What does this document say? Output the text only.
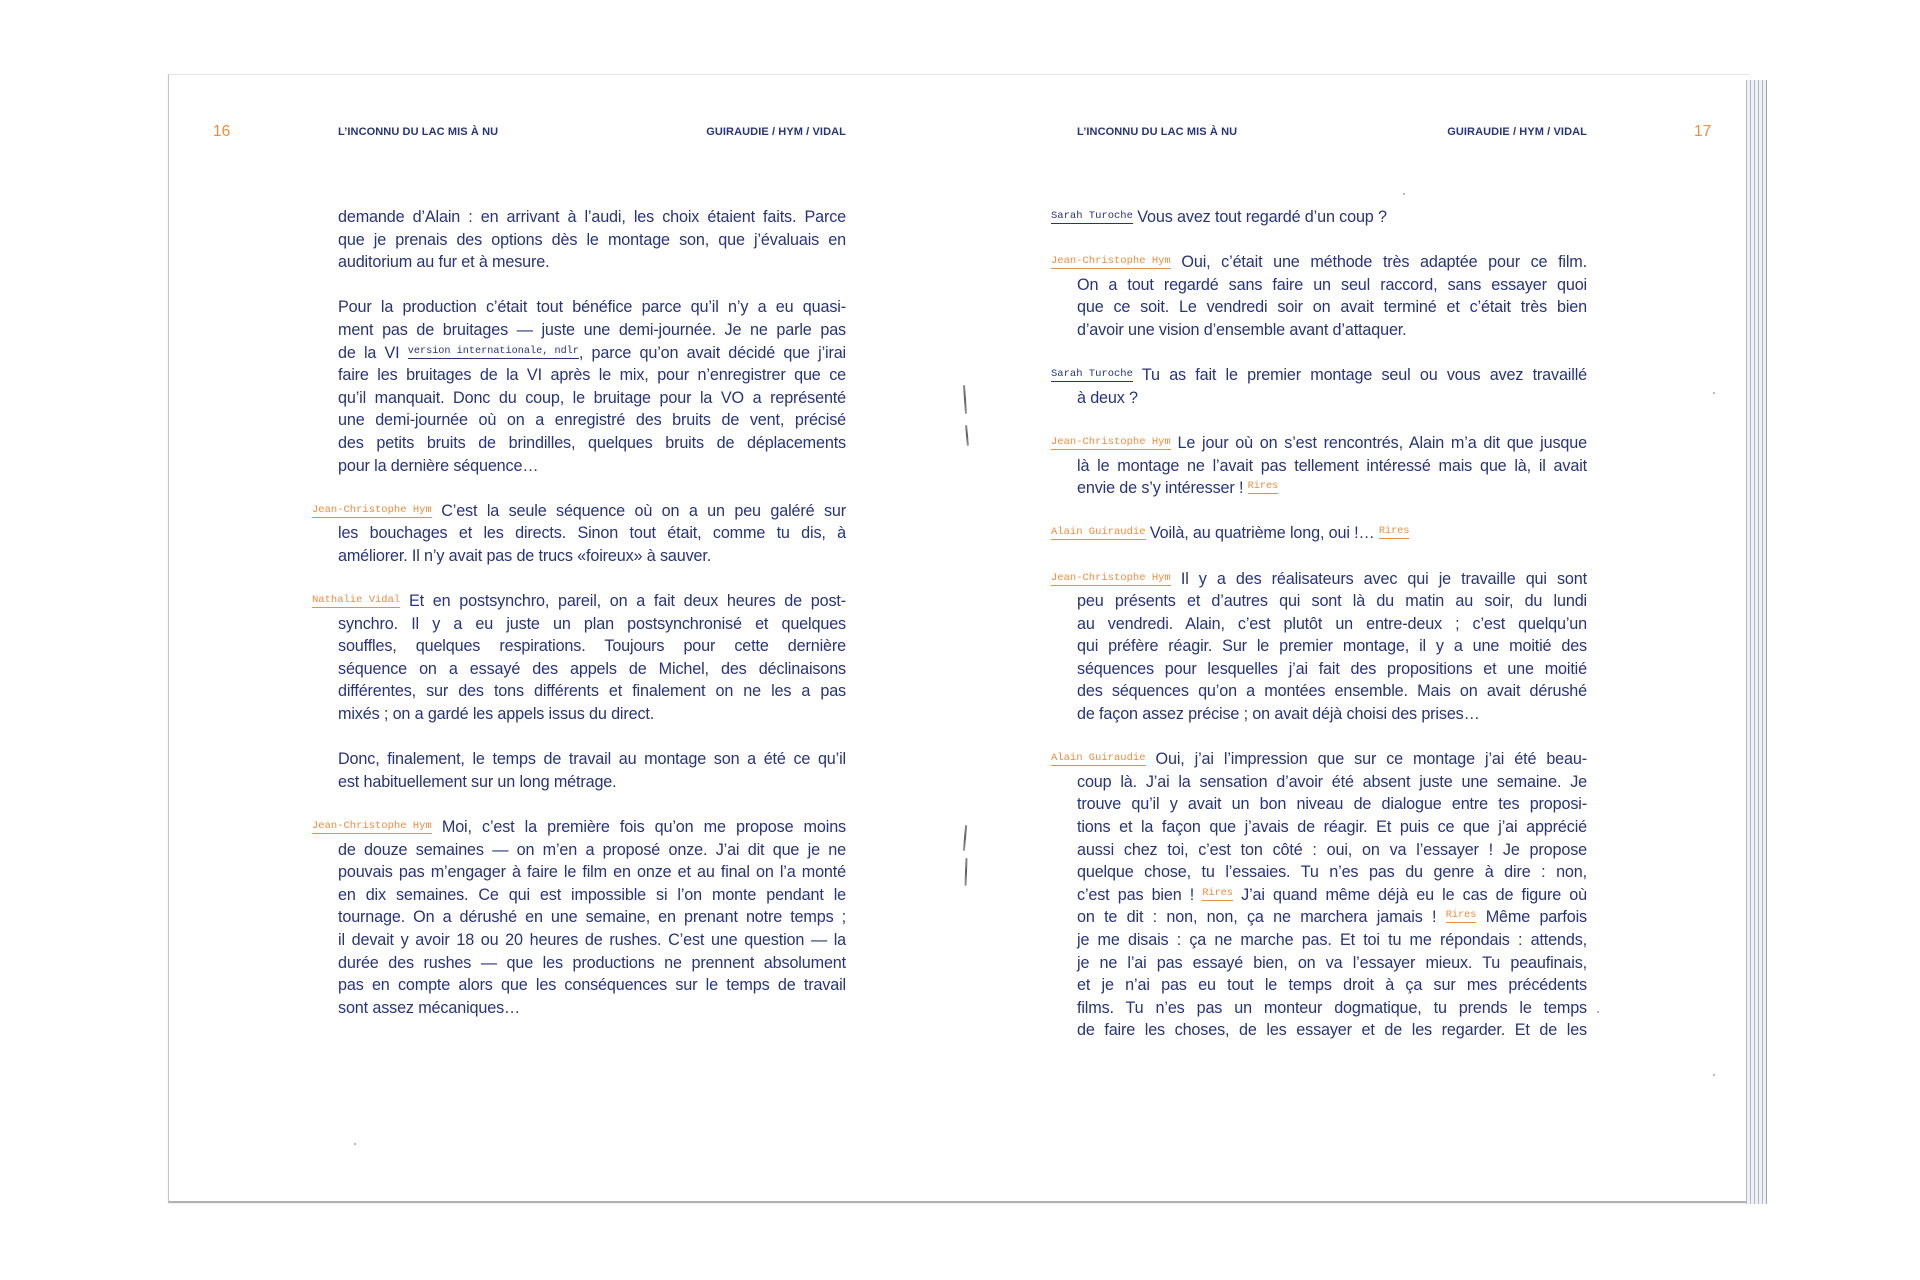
16	L’INCONNU DU LAC MIS À NU	GUIRAUDIE / HYM / VIDAL
demande d’Alain : en arrivant à l’audi, les choix étaient faits. Parce
que je prenais des options dès le montage son, que j’évaluais en
auditorium au fur et à mesure.
Pour la production c’était tout bénéfice parce qu’il n’y a eu quasi-
ment pas de bruitages — juste une demi-journée. Je ne parle pas
de la VI version internationale, ndlr, parce qu’on avait décidé que j’irai
faire les bruitages de la VI après le mix, pour n’enregistrer que ce
qu’il manquait. Donc du coup, le bruitage pour la VO a représenté
une demi-journée où on a enregistré des bruits de vent, précisé
des petits bruits de brindilles, quelques bruits de déplacements
pour la dernière séquence…
Jean-Christophe Hym C’est la seule séquence où on a un peu galéré sur
les bouchages et les directs. Sinon tout était, comme tu dis, à
améliorer. Il n’y avait pas de trucs «foireux» à sauver.
Nathalie Vidal Et en postsynchro, pareil, on a fait deux heures de post-
synchro. Il y a eu juste un plan postsynchronisé et quelques
souffles, quelques respirations. Toujours pour cette dernière
séquence on a essayé des appels de Michel, des déclinaisons
différentes, sur des tons différents et finalement on ne les a pas
mixés ; on a gardé les appels issus du direct.
Donc, finalement, le temps de travail au montage son a été ce qu’il
est habituellement sur un long métrage.
Jean-Christophe Hym Moi, c’est la première fois qu’on me propose moins
de douze semaines — on m’en a proposé onze. J’ai dit que je ne
pouvais pas m’engager à faire le film en onze et au final on l’a monté
en dix semaines. Ce qui est impossible si l’on monte pendant le
tournage. On a dérushé en une semaine, en prenant notre temps ;
il devait y avoir 18 ou 20 heures de rushes. C’est une question — la
durée des rushes — que les productions ne prennent absolument
pas en compte alors que les conséquences sur le temps de travail
sont assez mécaniques…
L’INCONNU DU LAC MIS À NU	GUIRAUDIE / HYM / VIDAL	17
Sarah Turoche Vous avez tout regardé d’un coup ?
Jean-Christophe Hym Oui, c’était une méthode très adaptée pour ce film.
On a tout regardé sans faire un seul raccord, sans essayer quoi
que ce soit. Le vendredi soir on avait terminé et c’était très bien
d’avoir une vision d’ensemble avant d’attaquer.
Sarah Turoche Tu as fait le premier montage seul ou vous avez travaillé
à deux ?
Jean-Christophe Hym Le jour où on s’est rencontrés, Alain m’a dit que jusque
là le montage ne l’avait pas tellement intéressé mais que là, il avait
envie de s’y intéresser ! Rires
Alain Guiraudie Voilà, au quatrième long, oui !… Rires
Jean-Christophe Hym Il y a des réalisateurs avec qui je travaille qui sont
peu présents et d’autres qui sont là du matin au soir, du lundi
au vendredi. Alain, c’est plutôt un entre-deux ; c’est quelqu’un
qui préfère réagir. Sur le premier montage, il y a une moitié des
séquences pour lesquelles j’ai fait des propositions et une moitié
des séquences qu’on a montées ensemble. Mais on avait dérushé
de façon assez précise ; on avait déjà choisi des prises…
Alain Guiraudie Oui, j’ai l’impression que sur ce montage j’ai été beau-
coup là. J’ai la sensation d’avoir été absent juste une semaine. Je
trouve qu’il y avait un bon niveau de dialogue entre tes proposi-
tions et la façon que j’avais de réagir. Et puis ce que j’ai apprécié
aussi chez toi, c’est ton côté : oui, on va l’essayer ! Je propose
quelque chose, tu l’essaies. Tu n’es pas du genre à dire : non,
c’est pas bien ! Rires J’ai quand même déjà eu le cas de figure où
on te dit : non, non, ça ne marchera jamais ! Rires Même parfois
je me disais : ça ne marche pas. Et toi tu me répondais : attends,
je ne l’ai pas essayé bien, on va l’essayer mieux. Tu peaufinais,
et je n’ai pas eu tout le temps droit à ça sur mes précédents
films. Tu n’es pas un monteur dogmatique, tu prends le temps
de faire les choses, de les essayer et de les regarder. Et de les
